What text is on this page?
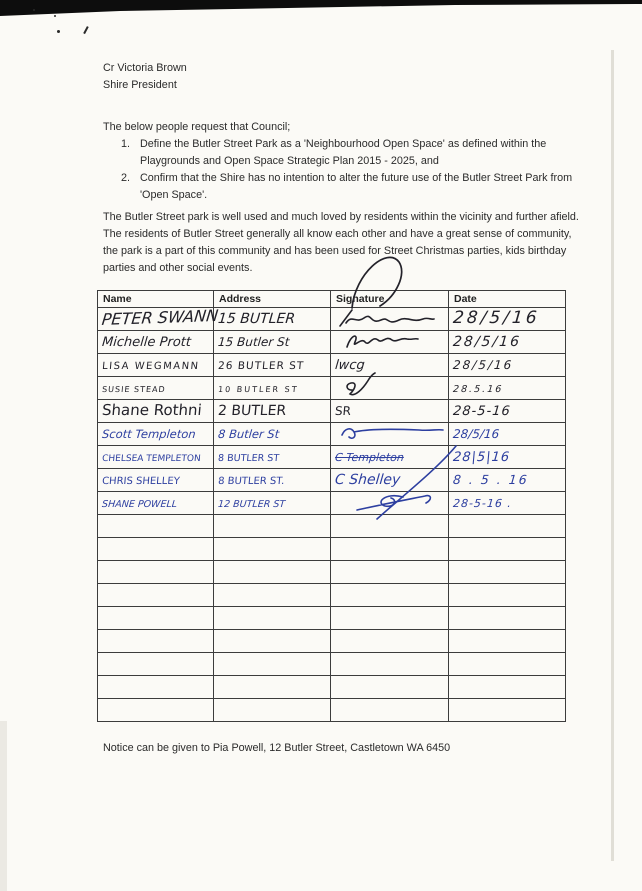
Cr Victoria Brown
Shire President
The below people request that Council;
1. Define the Butler Street Park as a 'Neighbourhood Open Space' as defined within the Playgrounds and Open Space Strategic Plan 2015 - 2025, and
2. Confirm that the Shire has no intention to alter the future use of the Butler Street Park from 'Open Space'.
The Butler Street park is well used and much loved by residents within the vicinity and further afield. The residents of Butler Street generally all know each other and have a great sense of community, the park is a part of this community and has been used for Street Christmas parties, kids birthday parties and other social events.
Name	Address	Signature	Date
PETER SWANN	15 BUTLER		28/5/16
Michelle Prott	15 Butler St		28/5/16
LISA WEGMANN	26 BUTLER ST	lwcg	28/5/16
SUSIE STEAD	10 BUTLER ST		28.5.16
Shane Rothni	2 BUTLER	SR	28-5-16
Scott Templeton	8 Butler St		28/5/16
CHELSEA TEMPLETON	8 BUTLER ST	C Templeton	28|5|16
CHRIS SHELLEY	8 BUTLER ST.	C Shelley	8 . 5 . 16
SHANE POWELL	12 BUTLER ST		28-5-16 .

Notice can be given to Pia Powell, 12 Butler Street, Castletown WA 6450
